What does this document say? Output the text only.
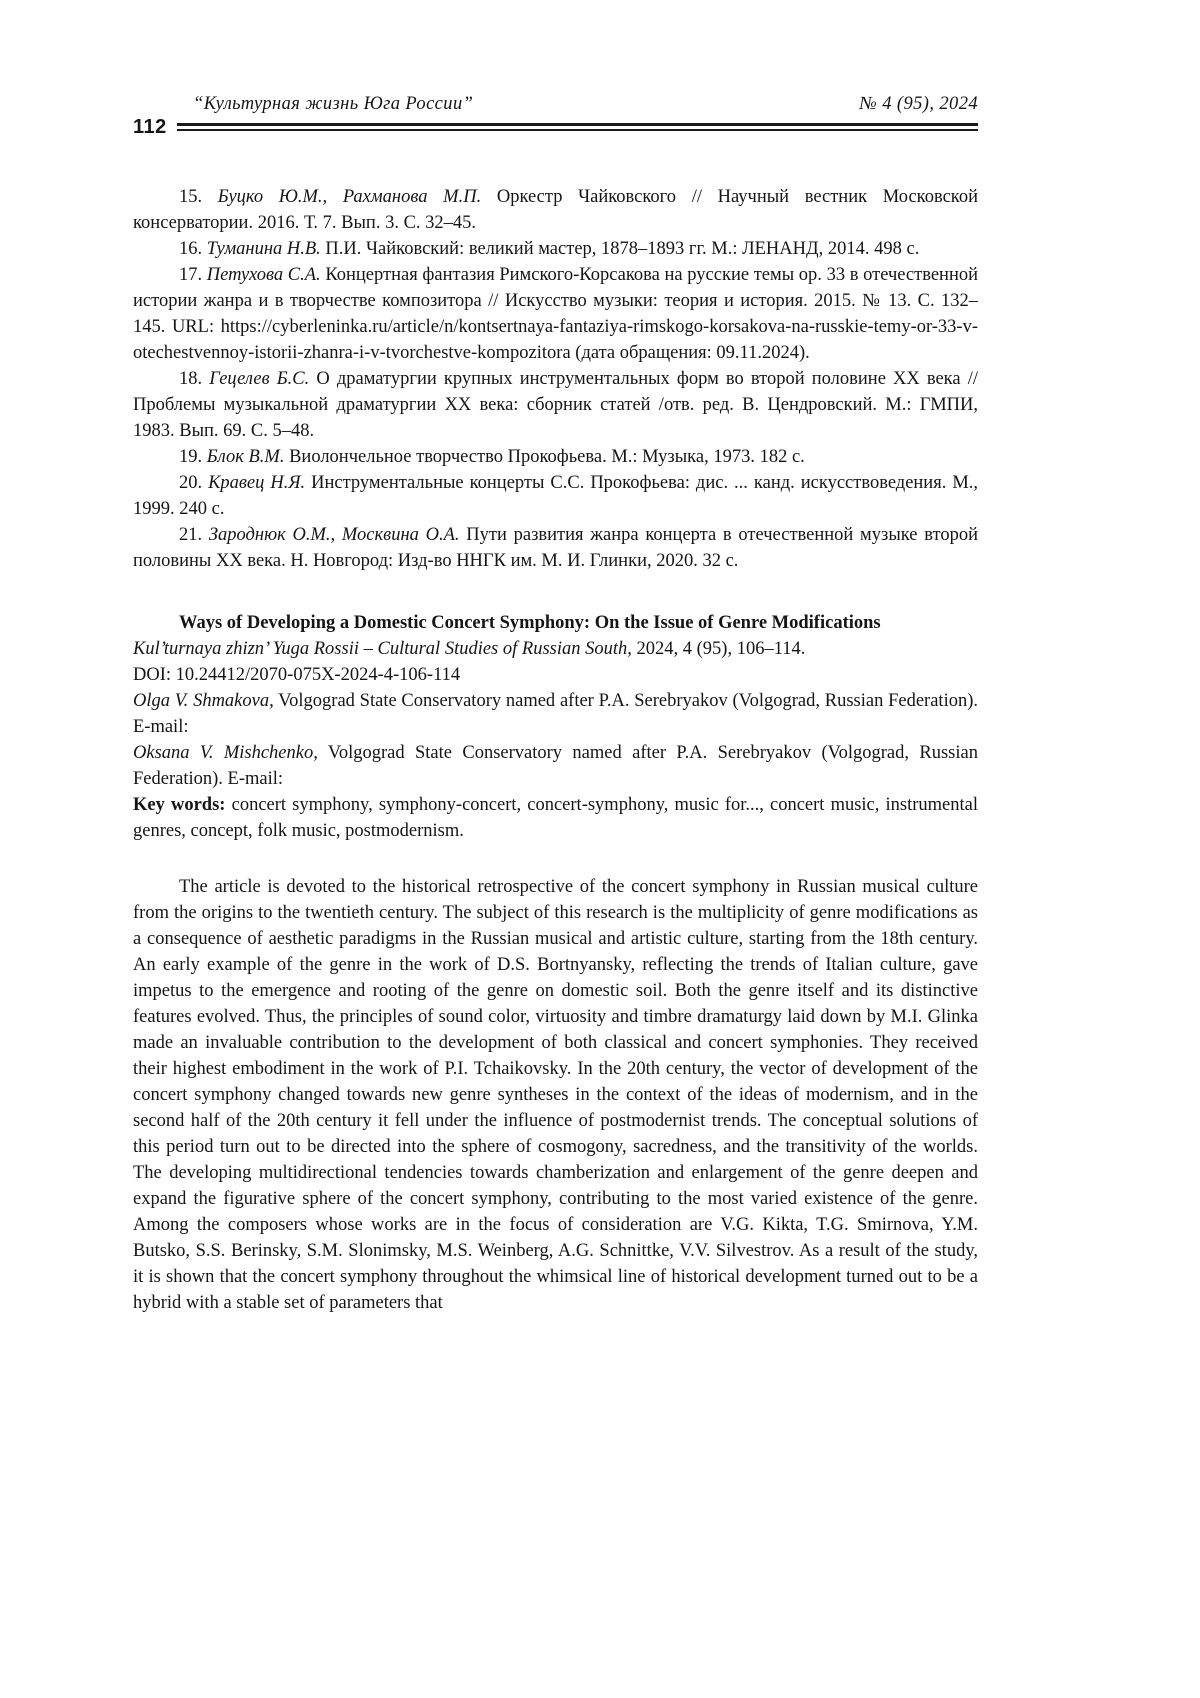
“Культурная жизнь Юга России”	№ 4 (95), 2024
112

15. Буцко Ю.М., Рахманова М.П. Оркестр Чайковского // Научный вестник Московской консерватории. 2016. Т. 7. Вып. 3. С. 32–45.

16. Туманина Н.В. П.И. Чайковский: великий мастер, 1878–1893 гг. М.: ЛЕНАНД, 2014. 498 с.

17. Петухова С.А. Концертная фантазия Римского-Корсакова на русские темы ор. 33 в отечественной истории жанра и в творчестве композитора // Искусство музыки: теория и история. 2015. № 13. С. 132–145. URL: https://cyberleninka.ru/article/n/kontsertnaya-fantaziya-rimskogo-korsakova-na-russkie-temy-or-33-v-otechestvennoy-istorii-zhanra-i-v-tvorchestve-kompozitora (дата обращения: 09.11.2024).

18. Гецелев Б.С. О драматургии крупных инструментальных форм во второй половине XX века // Проблемы музыкальной драматургии XX века: сборник статей /отв. ред. В. Цендровский. М.: ГМПИ, 1983. Вып. 69. С. 5–48.

19. Блок В.М. Виолончельное творчество Прокофьева. М.: Музыка, 1973. 182 с.

20. Кравец Н.Я. Инструментальные концерты С.С. Прокофьева: дис. ... канд. искусствоведения. М., 1999. 240 с.

21. Зароднюк О.М., Москвина О.А. Пути развития жанра концерта в отечественной музыке второй половины XX века. Н. Новгород: Изд-во ННГК им. М. И. Глинки, 2020. 32 с.

Ways of Developing a Domestic Concert Symphony: On the Issue of Genre Modifications

Kul’turnaya zhizn’ Yuga Rossii – Cultural Studies of Russian South, 2024, 4 (95), 106–114.

DOI: 10.24412/2070-075X-2024-4-106-114

Olga V. Shmakova, Volgograd State Conservatory named after P.A. Serebryakov (Volgograd, Russian Federation). E-mail:

Oksana V. Mishchenko, Volgograd State Conservatory named after P.A. Serebryakov (Volgograd, Russian Federation). E-mail:

Key words: concert symphony, symphony-concert, concert-symphony, music for..., concert music, instrumental genres, concept, folk music, postmodernism.

The article is devoted to the historical retrospective of the concert symphony in Russian musical culture from the origins to the twentieth century. The subject of this research is the multiplicity of genre modifications as a consequence of aesthetic paradigms in the Russian musical and artistic culture, starting from the 18th century. An early example of the genre in the work of D.S. Bortnyansky, reflecting the trends of Italian culture, gave impetus to the emergence and rooting of the genre on domestic soil. Both the genre itself and its distinctive features evolved. Thus, the principles of sound color, virtuosity and timbre dramaturgy laid down by M.I. Glinka made an invaluable contribution to the development of both classical and concert symphonies. They received their highest embodiment in the work of P.I. Tchaikovsky. In the 20th century, the vector of development of the concert symphony changed towards new genre syntheses in the context of the ideas of modernism, and in the second half of the 20th century it fell under the influence of postmodernist trends. The conceptual solutions of this period turn out to be directed into the sphere of cosmogony, sacredness, and the transitivity of the worlds. The developing multidirectional tendencies towards chamberization and enlargement of the genre deepen and expand the figurative sphere of the concert symphony, contributing to the most varied existence of the genre. Among the composers whose works are in the focus of consideration are V.G. Kikta, T.G. Smirnova, Y.M. Butsko, S.S. Berinsky, S.M. Slonimsky, M.S. Weinberg, A.G. Schnittke, V.V. Silvestrov. As a result of the study, it is shown that the concert symphony throughout the whimsical line of historical development turned out to be a hybrid with a stable set of parameters that
